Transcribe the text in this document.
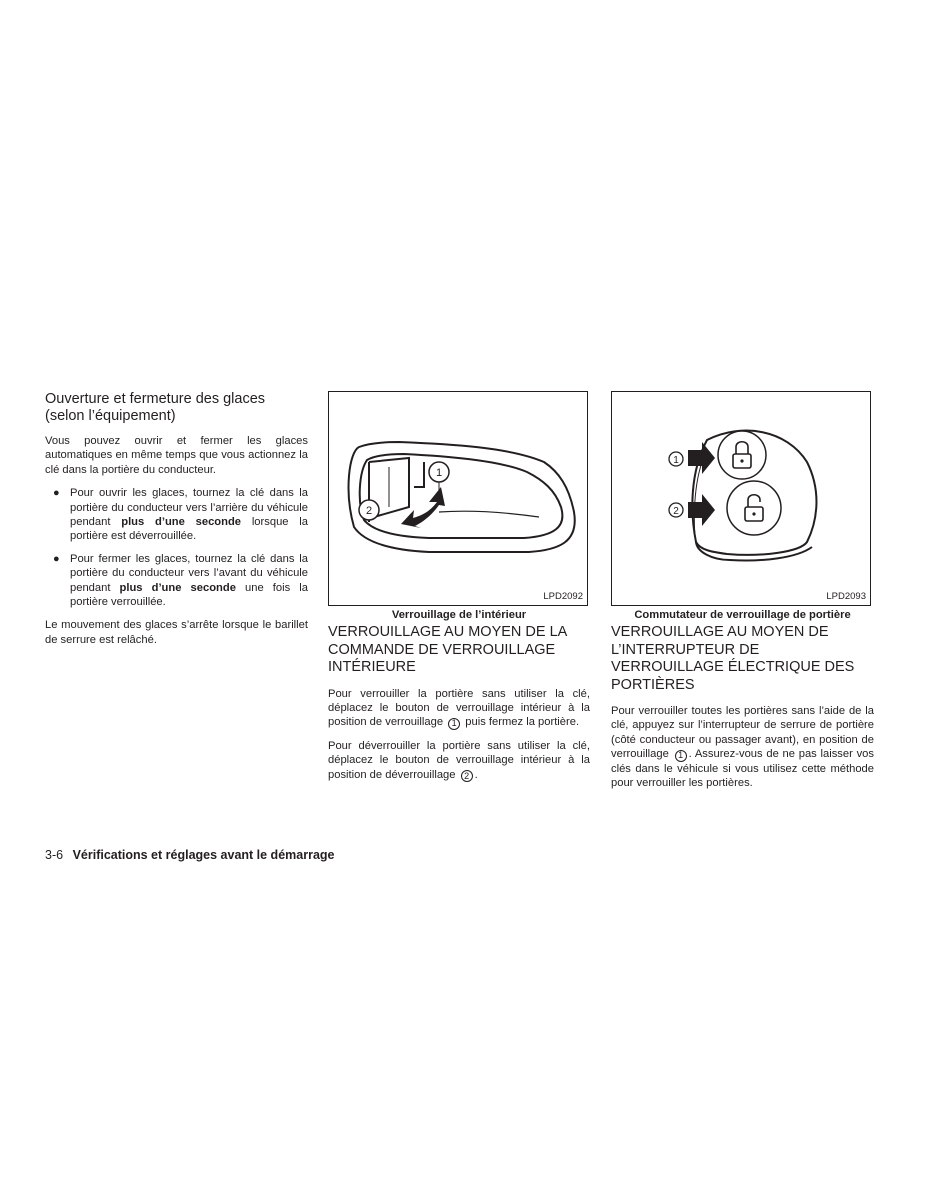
Ouverture et fermeture des glaces (selon l’équipement)

Vous pouvez ouvrir et fermer les glaces automatiques en même temps que vous actionnez la clé dans la portière du conducteur.

● Pour ouvrir les glaces, tournez la clé dans la portière du conducteur vers l’arrière du véhicule pendant plus d’une seconde lorsque la portière est déverrouillée.
● Pour fermer les glaces, tournez la clé dans la portière du conducteur vers l’avant du véhicule pendant plus d’une seconde une fois la portière verrouillée.

Le mouvement des glaces s’arrête lorsque le barillet de serrure est relâché.

1
2
LPD2092
Verrouillage de l’intérieur
VERROUILLAGE AU MOYEN DE LA COMMANDE DE VERROUILLAGE INTÉRIEURE

Pour verrouiller la portière sans utiliser la clé, déplacez le bouton de verrouillage intérieur à la position de verrouillage 1 puis fermez la portière.

Pour déverrouiller la portière sans utiliser la clé, déplacez le bouton de verrouillage intérieur à la position de déverrouillage 2 .

1
2
LPD2093
Commutateur de verrouillage de portière
VERROUILLAGE AU MOYEN DE L’INTERRUPTEUR DE VERROUILLAGE ÉLECTRIQUE DES PORTIÈRES

Pour verrouiller toutes les portières sans l’aide de la clé, appuyez sur l’interrupteur de serrure de portière (côté conducteur ou passager avant), en position de verrouillage 1 . Assurez-vous de ne pas laisser vos clés dans le véhicule si vous utilisez cette méthode pour verrouiller les portières.

3-6 Vérifications et réglages avant le démarrage
